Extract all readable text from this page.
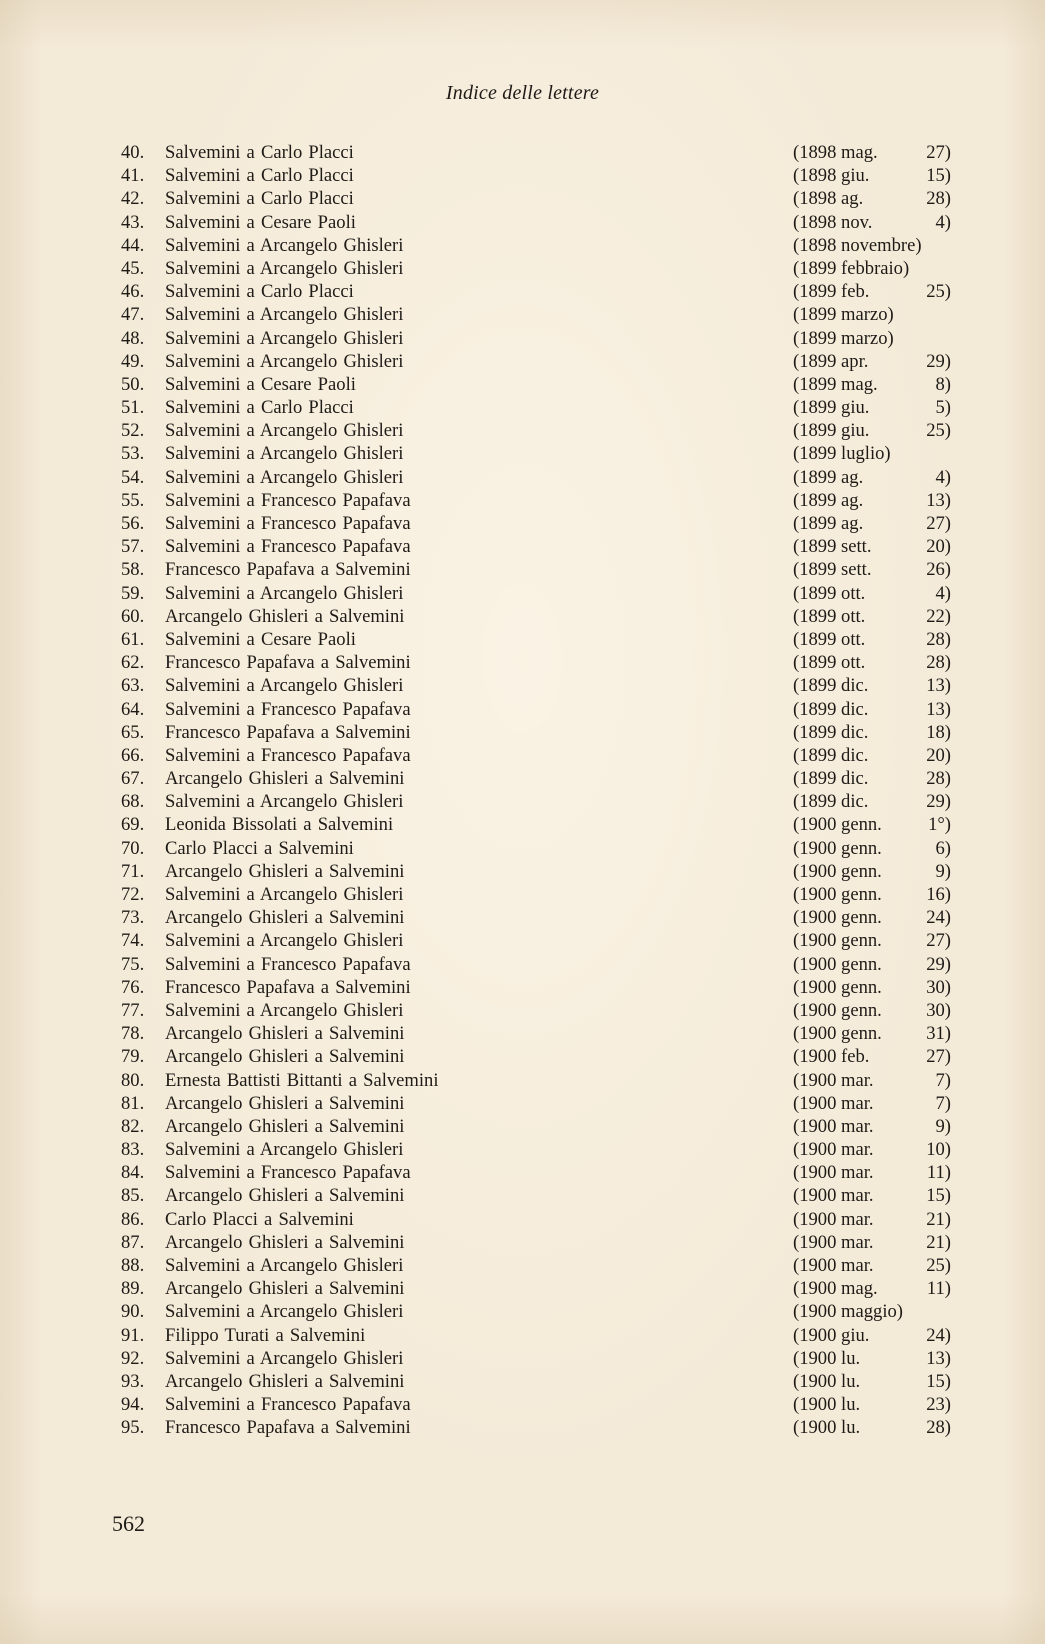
Indice delle lettere
40.	Salvemini a Carlo Placci	(1898 mag.	27)
41.	Salvemini a Carlo Placci	(1898 giu.	15)
42.	Salvemini a Carlo Placci	(1898 ag.	28)
43.	Salvemini a Cesare Paoli	(1898 nov.	4)
44.	Salvemini a Arcangelo Ghisleri	(1898 novembre)
45.	Salvemini a Arcangelo Ghisleri	(1899 febbraio)
46.	Salvemini a Carlo Placci	(1899 feb.	25)
47.	Salvemini a Arcangelo Ghisleri	(1899 marzo)
48.	Salvemini a Arcangelo Ghisleri	(1899 marzo)
49.	Salvemini a Arcangelo Ghisleri	(1899 apr.	29)
50.	Salvemini a Cesare Paoli	(1899 mag.	8)
51.	Salvemini a Carlo Placci	(1899 giu.	5)
52.	Salvemini a Arcangelo Ghisleri	(1899 giu.	25)
53.	Salvemini a Arcangelo Ghisleri	(1899 luglio)
54.	Salvemini a Arcangelo Ghisleri	(1899 ag.	4)
55.	Salvemini a Francesco Papafava	(1899 ag.	13)
56.	Salvemini a Francesco Papafava	(1899 ag.	27)
57.	Salvemini a Francesco Papafava	(1899 sett.	20)
58.	Francesco Papafava a Salvemini	(1899 sett.	26)
59.	Salvemini a Arcangelo Ghisleri	(1899 ott.	4)
60.	Arcangelo Ghisleri a Salvemini	(1899 ott.	22)
61.	Salvemini a Cesare Paoli	(1899 ott.	28)
62.	Francesco Papafava a Salvemini	(1899 ott.	28)
63.	Salvemini a Arcangelo Ghisleri	(1899 dic.	13)
64.	Salvemini a Francesco Papafava	(1899 dic.	13)
65.	Francesco Papafava a Salvemini	(1899 dic.	18)
66.	Salvemini a Francesco Papafava	(1899 dic.	20)
67.	Arcangelo Ghisleri a Salvemini	(1899 dic.	28)
68.	Salvemini a Arcangelo Ghisleri	(1899 dic.	29)
69.	Leonida Bissolati a Salvemini	(1900 genn.	1°)
70.	Carlo Placci a Salvemini	(1900 genn.	6)
71.	Arcangelo Ghisleri a Salvemini	(1900 genn.	9)
72.	Salvemini a Arcangelo Ghisleri	(1900 genn.	16)
73.	Arcangelo Ghisleri a Salvemini	(1900 genn.	24)
74.	Salvemini a Arcangelo Ghisleri	(1900 genn.	27)
75.	Salvemini a Francesco Papafava	(1900 genn.	29)
76.	Francesco Papafava a Salvemini	(1900 genn.	30)
77.	Salvemini a Arcangelo Ghisleri	(1900 genn.	30)
78.	Arcangelo Ghisleri a Salvemini	(1900 genn.	31)
79.	Arcangelo Ghisleri a Salvemini	(1900 feb.	27)
80.	Ernesta Battisti Bittanti a Salvemini	(1900 mar.	7)
81.	Arcangelo Ghisleri a Salvemini	(1900 mar.	7)
82.	Arcangelo Ghisleri a Salvemini	(1900 mar.	9)
83.	Salvemini a Arcangelo Ghisleri	(1900 mar.	10)
84.	Salvemini a Francesco Papafava	(1900 mar.	11)
85.	Arcangelo Ghisleri a Salvemini	(1900 mar.	15)
86.	Carlo Placci a Salvemini	(1900 mar.	21)
87.	Arcangelo Ghisleri a Salvemini	(1900 mar.	21)
88.	Salvemini a Arcangelo Ghisleri	(1900 mar.	25)
89.	Arcangelo Ghisleri a Salvemini	(1900 mag.	11)
90.	Salvemini a Arcangelo Ghisleri	(1900 maggio)
91.	Filippo Turati a Salvemini	(1900 giu.	24)
92.	Salvemini a Arcangelo Ghisleri	(1900 lu.	13)
93.	Arcangelo Ghisleri a Salvemini	(1900 lu.	15)
94.	Salvemini a Francesco Papafava	(1900 lu.	23)
95.	Francesco Papafava a Salvemini	(1900 lu.	28)
562
